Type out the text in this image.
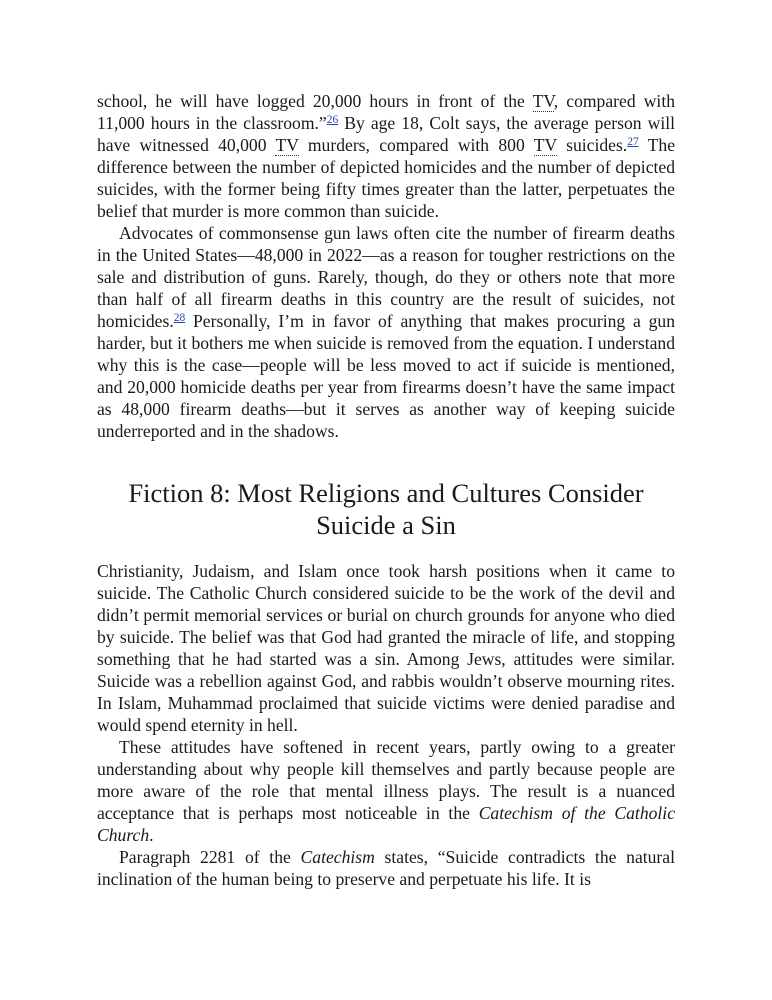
school, he will have logged 20,000 hours in front of the TV, compared with 11,000 hours in the classroom.”$^{26}$ By age 18, Colt says, the average person will have witnessed 40,000 TV murders, compared with 800 TV suicides.$^{27}$ The difference between the number of depicted homicides and the number of depicted suicides, with the former being fifty times greater than the latter, perpetuates the belief that murder is more common than suicide.

Advocates of commonsense gun laws often cite the number of firearm deaths in the United States—48,000 in 2022—as a reason for tougher restrictions on the sale and distribution of guns. Rarely, though, do they or others note that more than half of all firearm deaths in this country are the result of suicides, not homicides.$^{28}$ Personally, I’m in favor of anything that makes procuring a gun harder, but it bothers me when suicide is removed from the equation. I understand why this is the case—people will be less moved to act if suicide is mentioned, and 20,000 homicide deaths per year from firearms doesn’t have the same impact as 48,000 firearm deaths—but it serves as another way of keeping suicide underreported and in the shadows.

Fiction 8: Most Religions and Cultures Consider Suicide a Sin

Christianity, Judaism, and Islam once took harsh positions when it came to suicide. The Catholic Church considered suicide to be the work of the devil and didn’t permit memorial services or burial on church grounds for anyone who died by suicide. The belief was that God had granted the miracle of life, and stopping something that he had started was a sin. Among Jews, attitudes were similar. Suicide was a rebellion against God, and rabbis wouldn’t observe mourning rites. In Islam, Muhammad proclaimed that suicide victims were denied paradise and would spend eternity in hell.

These attitudes have softened in recent years, partly owing to a greater understanding about why people kill themselves and partly because people are more aware of the role that mental illness plays. The result is a nuanced acceptance that is perhaps most noticeable in the Catechism of the Catholic Church.

Paragraph 2281 of the Catechism states, “Suicide contradicts the natural inclination of the human being to preserve and perpetuate his life. It is
